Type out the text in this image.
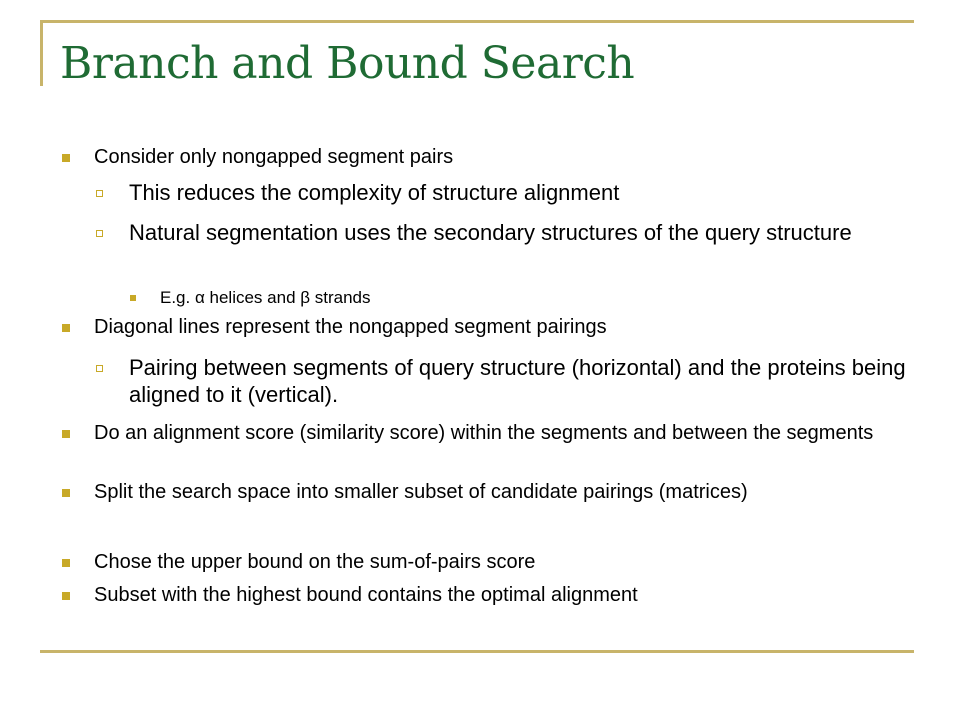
Branch and Bound Search
Consider only nongapped segment pairs
This reduces the complexity of structure alignment
Natural segmentation uses the secondary structures of the query structure
E.g. α helices and β strands
Diagonal lines represent the nongapped segment pairings
Pairing between segments of query structure (horizontal) and the proteins being aligned to it (vertical).
Do an alignment score (similarity score) within the segments and between the segments
Split the search space into smaller subset of candidate pairings (matrices)
Chose the upper bound on the sum-of-pairs score
Subset with the highest bound contains the optimal alignment
